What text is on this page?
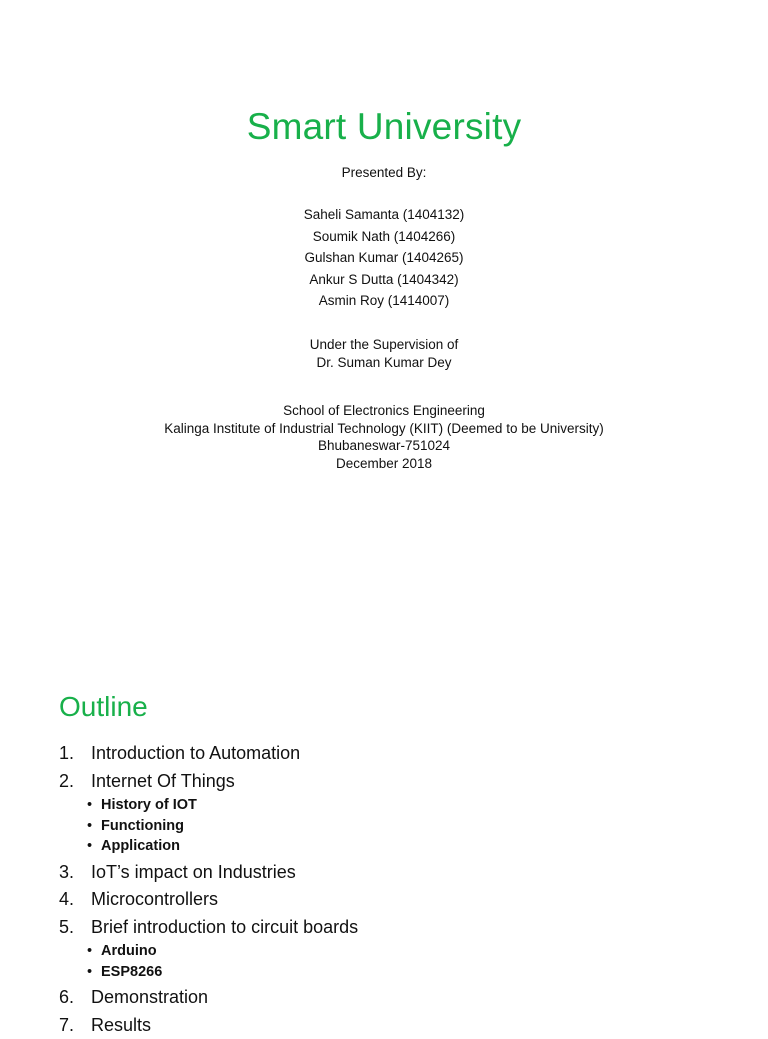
Smart University
Presented By:
Saheli Samanta (1404132)
Soumik Nath (1404266)
Gulshan Kumar (1404265)
Ankur S Dutta (1404342)
Asmin Roy (1414007)
Under the Supervision of
Dr. Suman Kumar Dey
School of Electronics Engineering
Kalinga Institute of Industrial Technology (KIIT) (Deemed to be University)
Bhubaneswar-751024
December 2018
Outline
1. Introduction to Automation
2. Internet Of Things
• History of IOT
• Functioning
• Application
3. IoT’s impact on Industries
4. Microcontrollers
5. Brief introduction to circuit boards
• Arduino
• ESP8266
6. Demonstration
7. Results
